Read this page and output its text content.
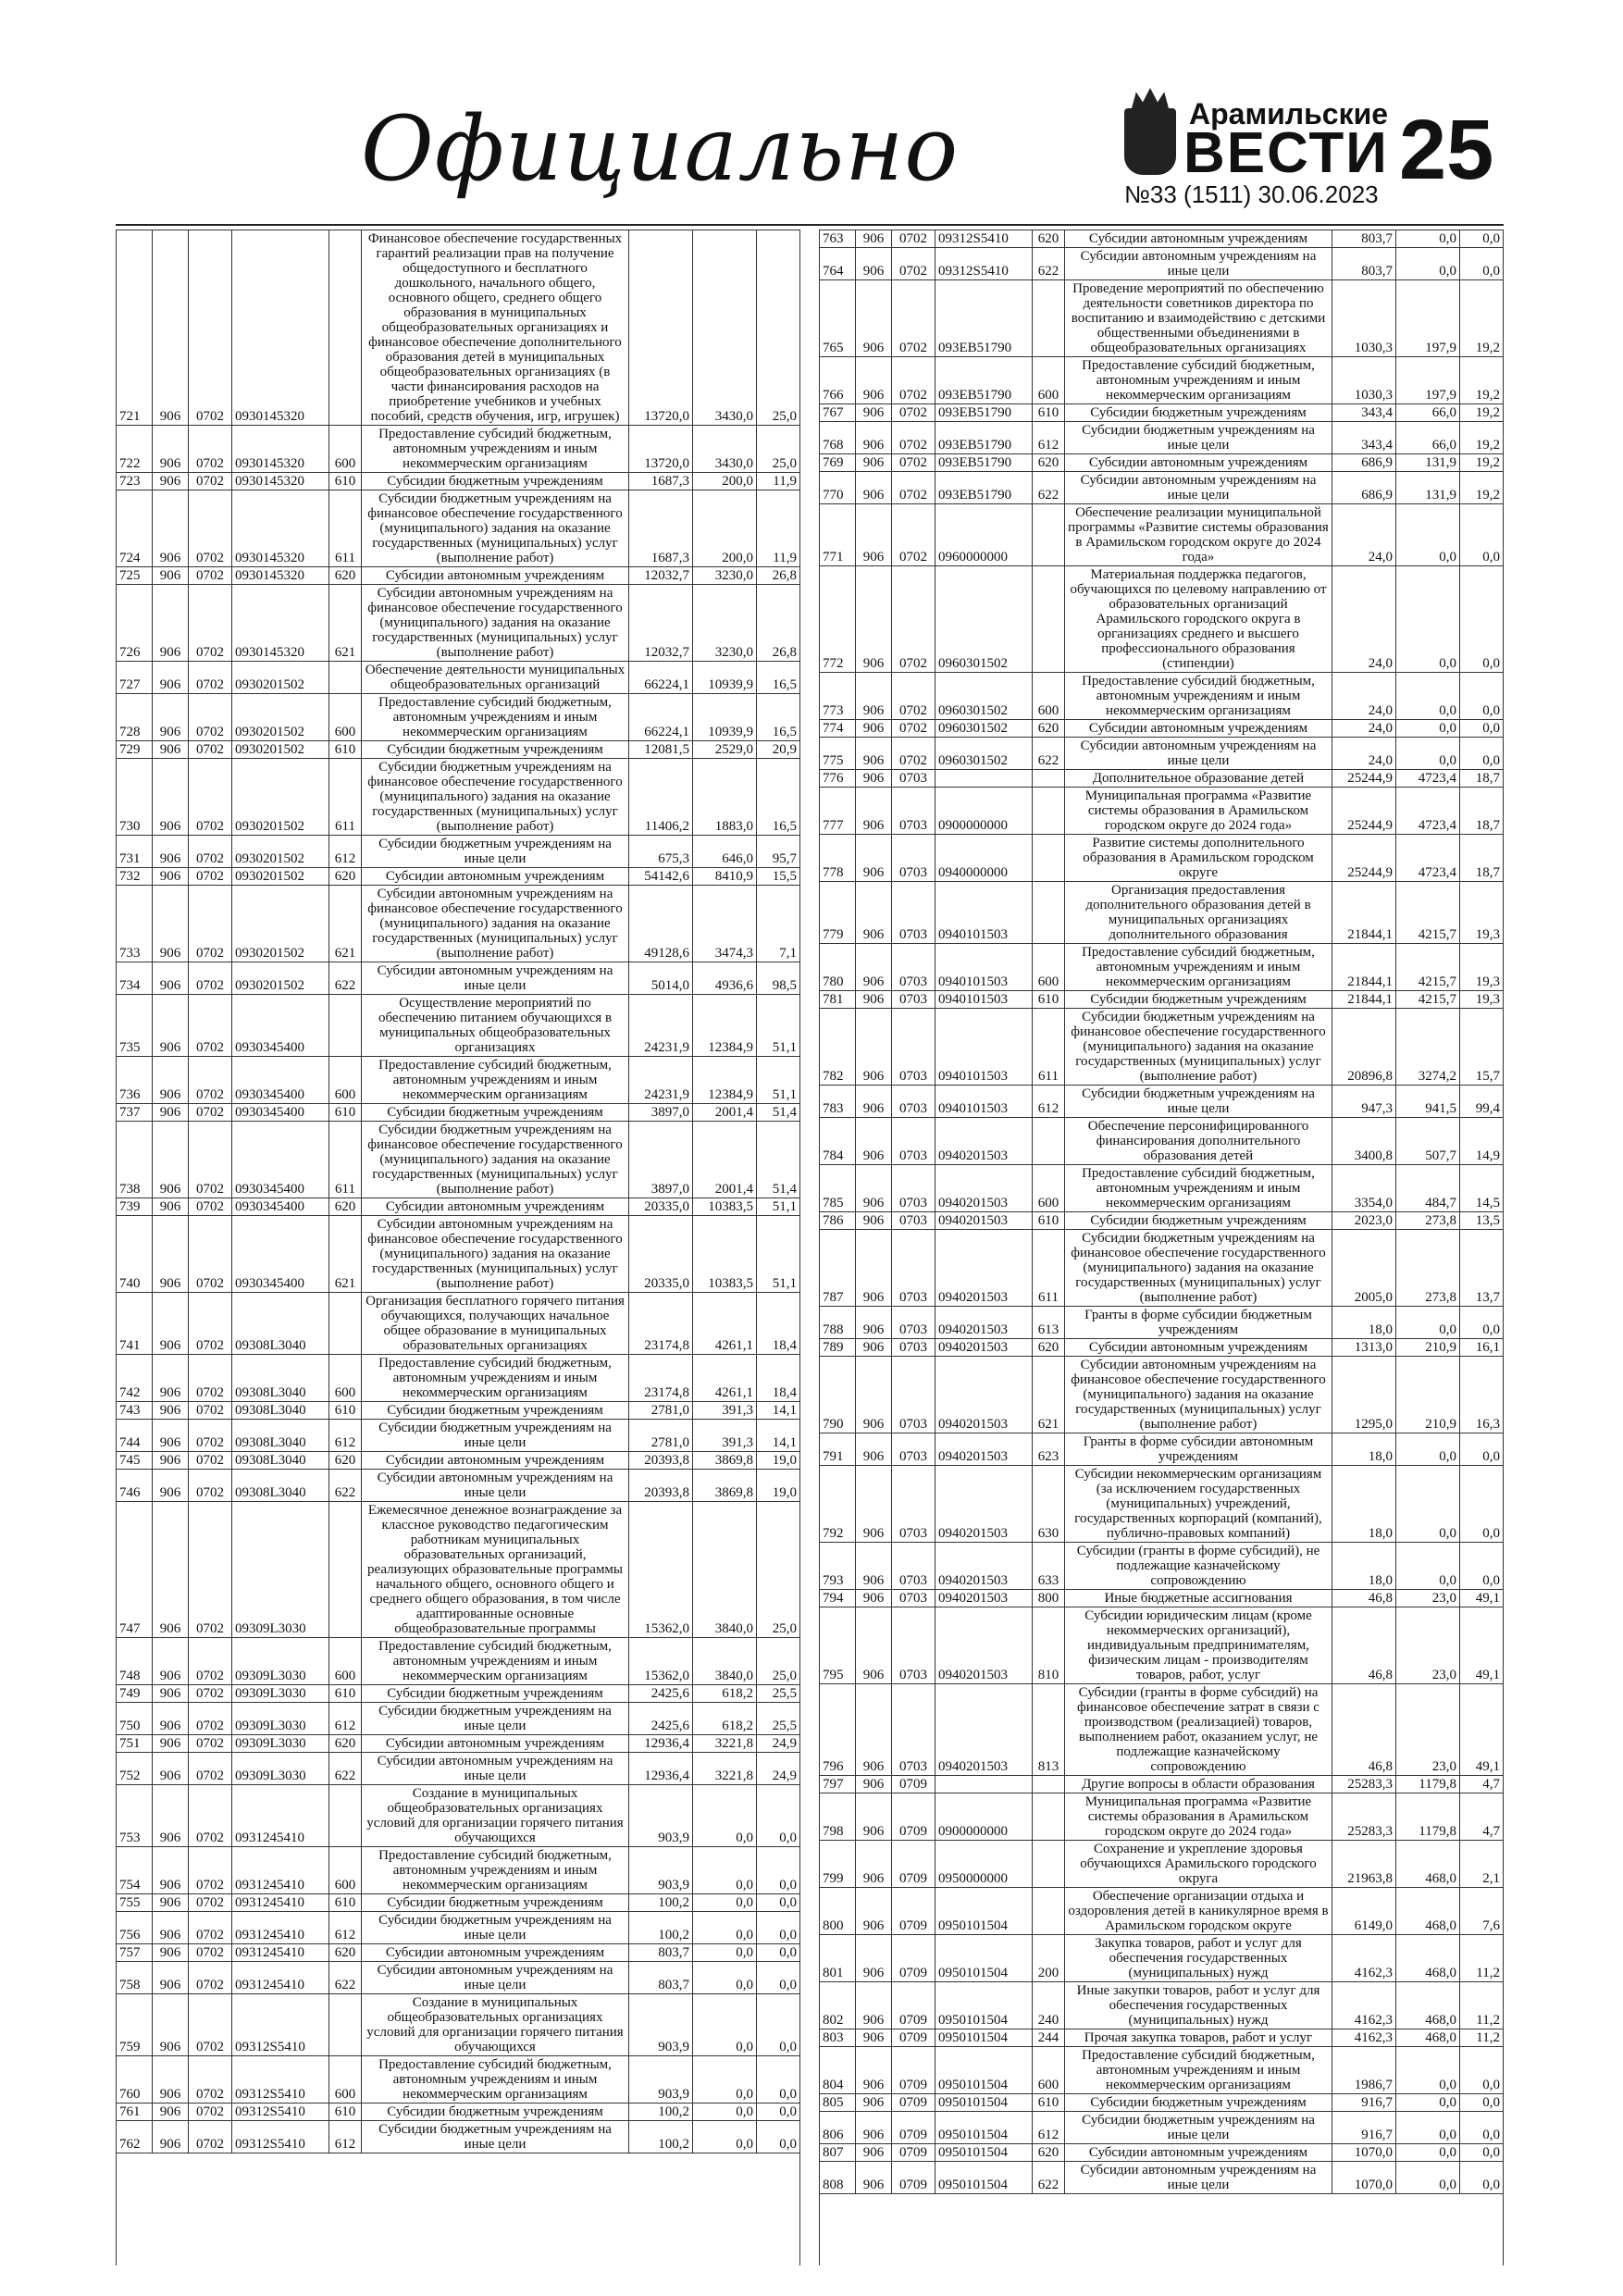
Официально	Арамильские
ВЕСТИ
№33 (1511) 30.06.2023 25
721	906	0702	0930145320		Финансовое обеспечение государственных гарантий реализации прав на получение общедоступного и бесплатного дошкольного, начального общего, основного общего, среднего общего образования в муниципальных общеобразовательных организациях и финансовое обеспечение дополнительного образования детей в муниципальных общеобразовательных организациях (в части финансирования расходов на приобретение учебников и учебных пособий, средств обучения, игр, игрушек)	13720,0	3430,0	25,0
722	906	0702	0930145320	600	Предоставление субсидий бюджетным, автономным учреждениям и иным некоммерческим организациям	13720,0	3430,0	25,0
723	906	0702	0930145320	610	Субсидии бюджетным учреждениям	1687,3	200,0	11,9
724	906	0702	0930145320	611	Субсидии бюджетным учреждениям на финансовое обеспечение государственного (муниципального) задания на оказание государственных (муниципальных) услуг (выполнение работ)	1687,3	200,0	11,9
725	906	0702	0930145320	620	Субсидии автономным учреждениям	12032,7	3230,0	26,8
726	906	0702	0930145320	621	Субсидии автономным учреждениям на финансовое обеспечение государственного (муниципального) задания на оказание государственных (муниципальных) услуг (выполнение работ)	12032,7	3230,0	26,8
727	906	0702	0930201502		Обеспечение деятельности муниципальных общеобразовательных организаций	66224,1	10939,9	16,5
728	906	0702	0930201502	600	Предоставление субсидий бюджетным, автономным учреждениям и иным некоммерческим организациям	66224,1	10939,9	16,5
729	906	0702	0930201502	610	Субсидии бюджетным учреждениям	12081,5	2529,0	20,9
730	906	0702	0930201502	611	Субсидии бюджетным учреждениям на финансовое обеспечение государственного (муниципального) задания на оказание государственных (муниципальных) услуг (выполнение работ)	11406,2	1883,0	16,5
731	906	0702	0930201502	612	Субсидии бюджетным учреждениям на иные цели	675,3	646,0	95,7
732	906	0702	0930201502	620	Субсидии автономным учреждениям	54142,6	8410,9	15,5
733	906	0702	0930201502	621	Субсидии автономным учреждениям на финансовое обеспечение государственного (муниципального) задания на оказание государственных (муниципальных) услуг (выполнение работ)	49128,6	3474,3	7,1
734	906	0702	0930201502	622	Субсидии автономным учреждениям на иные цели	5014,0	4936,6	98,5
735	906	0702	0930345400		Осуществление мероприятий по обеспечению питанием обучающихся в муниципальных общеобразовательных организациях	24231,9	12384,9	51,1
736	906	0702	0930345400	600	Предоставление субсидий бюджетным, автономным учреждениям и иным некоммерческим организациям	24231,9	12384,9	51,1
737	906	0702	0930345400	610	Субсидии бюджетным учреждениям	3897,0	2001,4	51,4
738	906	0702	0930345400	611	Субсидии бюджетным учреждениям на финансовое обеспечение государственного (муниципального) задания на оказание государственных (муниципальных) услуг (выполнение работ)	3897,0	2001,4	51,4
739	906	0702	0930345400	620	Субсидии автономным учреждениям	20335,0	10383,5	51,1
740	906	0702	0930345400	621	Субсидии автономным учреждениям на финансовое обеспечение государственного (муниципального) задания на оказание государственных (муниципальных) услуг (выполнение работ)	20335,0	10383,5	51,1
741	906	0702	09308L3040		Организация бесплатного горячего питания обучающихся, получающих начальное общее образование в муниципальных образовательных организациях	23174,8	4261,1	18,4
742	906	0702	09308L3040	600	Предоставление субсидий бюджетным, автономным учреждениям и иным некоммерческим организациям	23174,8	4261,1	18,4
743	906	0702	09308L3040	610	Субсидии бюджетным учреждениям	2781,0	391,3	14,1
744	906	0702	09308L3040	612	Субсидии бюджетным учреждениям на иные цели	2781,0	391,3	14,1
745	906	0702	09308L3040	620	Субсидии автономным учреждениям	20393,8	3869,8	19,0
746	906	0702	09308L3040	622	Субсидии автономным учреждениям на иные цели	20393,8	3869,8	19,0
747	906	0702	09309L3030		Ежемесячное денежное вознаграждение за классное руководство педагогическим работникам муниципальных образовательных организаций, реализующих образовательные программы начального общего, основного общего и среднего общего образования, в том числе адаптированные основные общеобразовательные программы	15362,0	3840,0	25,0
748	906	0702	09309L3030	600	Предоставление субсидий бюджетным, автономным учреждениям и иным некоммерческим организациям	15362,0	3840,0	25,0
749	906	0702	09309L3030	610	Субсидии бюджетным учреждениям	2425,6	618,2	25,5
750	906	0702	09309L3030	612	Субсидии бюджетным учреждениям на иные цели	2425,6	618,2	25,5
751	906	0702	09309L3030	620	Субсидии автономным учреждениям	12936,4	3221,8	24,9
752	906	0702	09309L3030	622	Субсидии автономным учреждениям на иные цели	12936,4	3221,8	24,9
753	906	0702	0931245410		Создание в муниципальных общеобразовательных организациях условий для организации горячего питания обучающихся	903,9	0,0	0,0
754	906	0702	0931245410	600	Предоставление субсидий бюджетным, автономным учреждениям и иным некоммерческим организациям	903,9	0,0	0,0
755	906	0702	0931245410	610	Субсидии бюджетным учреждениям	100,2	0,0	0,0
756	906	0702	0931245410	612	Субсидии бюджетным учреждениям на иные цели	100,2	0,0	0,0
757	906	0702	0931245410	620	Субсидии автономным учреждениям	803,7	0,0	0,0
758	906	0702	0931245410	622	Субсидии автономным учреждениям на иные цели	803,7	0,0	0,0
759	906	0702	09312S5410		Создание в муниципальных общеобразовательных организациях условий для организации горячего питания обучающихся	903,9	0,0	0,0
760	906	0702	09312S5410	600	Предоставление субсидий бюджетным, автономным учреждениям и иным некоммерческим организациям	903,9	0,0	0,0
761	906	0702	09312S5410	610	Субсидии бюджетным учреждениям	100,2	0,0	0,0
762	906	0702	09312S5410	612	Субсидии бюджетным учреждениям на иные цели	100,2	0,0	0,0
763	906	0702	09312S5410	620	Субсидии автономным учреждениям	803,7	0,0	0,0
764	906	0702	09312S5410	622	Субсидии автономным учреждениям на иные цели	803,7	0,0	0,0
765	906	0702	093EB51790		Проведение мероприятий по обеспечению деятельности советников директора по воспитанию и взаимодействию с детскими общественными объединениями в общеобразовательных организациях	1030,3	197,9	19,2
766	906	0702	093EB51790	600	Предоставление субсидий бюджетным, автономным учреждениям и иным некоммерческим организациям	1030,3	197,9	19,2
767	906	0702	093EB51790	610	Субсидии бюджетным учреждениям	343,4	66,0	19,2
768	906	0702	093EB51790	612	Субсидии бюджетным учреждениям на иные цели	343,4	66,0	19,2
769	906	0702	093EB51790	620	Субсидии автономным учреждениям	686,9	131,9	19,2
770	906	0702	093EB51790	622	Субсидии автономным учреждениям на иные цели	686,9	131,9	19,2
771	906	0702	0960000000		Обеспечение реализации муниципальной программы «Развитие системы образования в Арамильском городском округе до 2024 года»	24,0	0,0	0,0
772	906	0702	0960301502		Материальная поддержка педагогов, обучающихся по целевому направлению от образовательных организаций Арамильского городского округа в организациях среднего и высшего профессионального образования (стипендии)	24,0	0,0	0,0
773	906	0702	0960301502	600	Предоставление субсидий бюджетным, автономным учреждениям и иным некоммерческим организациям	24,0	0,0	0,0
774	906	0702	0960301502	620	Субсидии автономным учреждениям	24,0	0,0	0,0
775	906	0702	0960301502	622	Субсидии автономным учреждениям на иные цели	24,0	0,0	0,0
776	906	0703			Дополнительное образование детей	25244,9	4723,4	18,7
777	906	0703	0900000000		Муниципальная программа «Развитие системы образования в Арамильском городском округе до 2024 года»	25244,9	4723,4	18,7
778	906	0703	0940000000		Развитие системы дополнительного образования в Арамильском городском округе	25244,9	4723,4	18,7
779	906	0703	0940101503		Организация предоставления дополнительного образования детей в муниципальных организациях дополнительного образования	21844,1	4215,7	19,3
780	906	0703	0940101503	600	Предоставление субсидий бюджетным, автономным учреждениям и иным некоммерческим организациям	21844,1	4215,7	19,3
781	906	0703	0940101503	610	Субсидии бюджетным учреждениям	21844,1	4215,7	19,3
782	906	0703	0940101503	611	Субсидии бюджетным учреждениям на финансовое обеспечение государственного (муниципального) задания на оказание государственных (муниципальных) услуг (выполнение работ)	20896,8	3274,2	15,7
783	906	0703	0940101503	612	Субсидии бюджетным учреждениям на иные цели	947,3	941,5	99,4
784	906	0703	0940201503		Обеспечение персонифицированного финансирования дополнительного образования детей	3400,8	507,7	14,9
785	906	0703	0940201503	600	Предоставление субсидий бюджетным, автономным учреждениям и иным некоммерческим организациям	3354,0	484,7	14,5
786	906	0703	0940201503	610	Субсидии бюджетным учреждениям	2023,0	273,8	13,5
787	906	0703	0940201503	611	Субсидии бюджетным учреждениям на финансовое обеспечение государственного (муниципального) задания на оказание государственных (муниципальных) услуг (выполнение работ)	2005,0	273,8	13,7
788	906	0703	0940201503	613	Гранты в форме субсидии бюджетным учреждениям	18,0	0,0	0,0
789	906	0703	0940201503	620	Субсидии автономным учреждениям	1313,0	210,9	16,1
790	906	0703	0940201503	621	Субсидии автономным учреждениям на финансовое обеспечение государственного (муниципального) задания на оказание государственных (муниципальных) услуг (выполнение работ)	1295,0	210,9	16,3
791	906	0703	0940201503	623	Гранты в форме субсидии автономным учреждениям	18,0	0,0	0,0
792	906	0703	0940201503	630	Субсидии некоммерческим организациям (за исключением государственных (муниципальных) учреждений, государственных корпораций (компаний), публично-правовых компаний)	18,0	0,0	0,0
793	906	0703	0940201503	633	Субсидии (гранты в форме субсидий), не подлежащие казначейскому сопровождению	18,0	0,0	0,0
794	906	0703	0940201503	800	Иные бюджетные ассигнования	46,8	23,0	49,1
795	906	0703	0940201503	810	Субсидии юридическим лицам (кроме некоммерческих организаций), индивидуальным предпринимателям, физическим лицам - производителям товаров, работ, услуг	46,8	23,0	49,1
796	906	0703	0940201503	813	Субсидии (гранты в форме субсидий) на финансовое обеспечение затрат в связи с производством (реализацией) товаров, выполнением работ, оказанием услуг, не подлежащие казначейскому сопровождению	46,8	23,0	49,1
797	906	0709			Другие вопросы в области образования	25283,3	1179,8	4,7
798	906	0709	0900000000		Муниципальная программа «Развитие системы образования в Арамильском городском округе до 2024 года»	25283,3	1179,8	4,7
799	906	0709	0950000000		Сохранение и укрепление здоровья обучающихся Арамильского городского округа	21963,8	468,0	2,1
800	906	0709	0950101504		Обеспечение организации отдыха и оздоровления детей в каникулярное время в Арамильском городском округе	6149,0	468,0	7,6
801	906	0709	0950101504	200	Закупка товаров, работ и услуг для обеспечения государственных (муниципальных) нужд	4162,3	468,0	11,2
802	906	0709	0950101504	240	Иные закупки товаров, работ и услуг для обеспечения государственных (муниципальных) нужд	4162,3	468,0	11,2
803	906	0709	0950101504	244	Прочая закупка товаров, работ и услуг	4162,3	468,0	11,2
804	906	0709	0950101504	600	Предоставление субсидий бюджетным, автономным учреждениям и иным некоммерческим организациям	1986,7	0,0	0,0
805	906	0709	0950101504	610	Субсидии бюджетным учреждениям	916,7	0,0	0,0
806	906	0709	0950101504	612	Субсидии бюджетным учреждениям на иные цели	916,7	0,0	0,0
807	906	0709	0950101504	620	Субсидии автономным учреждениям	1070,0	0,0	0,0
808	906	0709	0950101504	622	Субсидии автономным учреждениям на иные цели	1070,0	0,0	0,0
